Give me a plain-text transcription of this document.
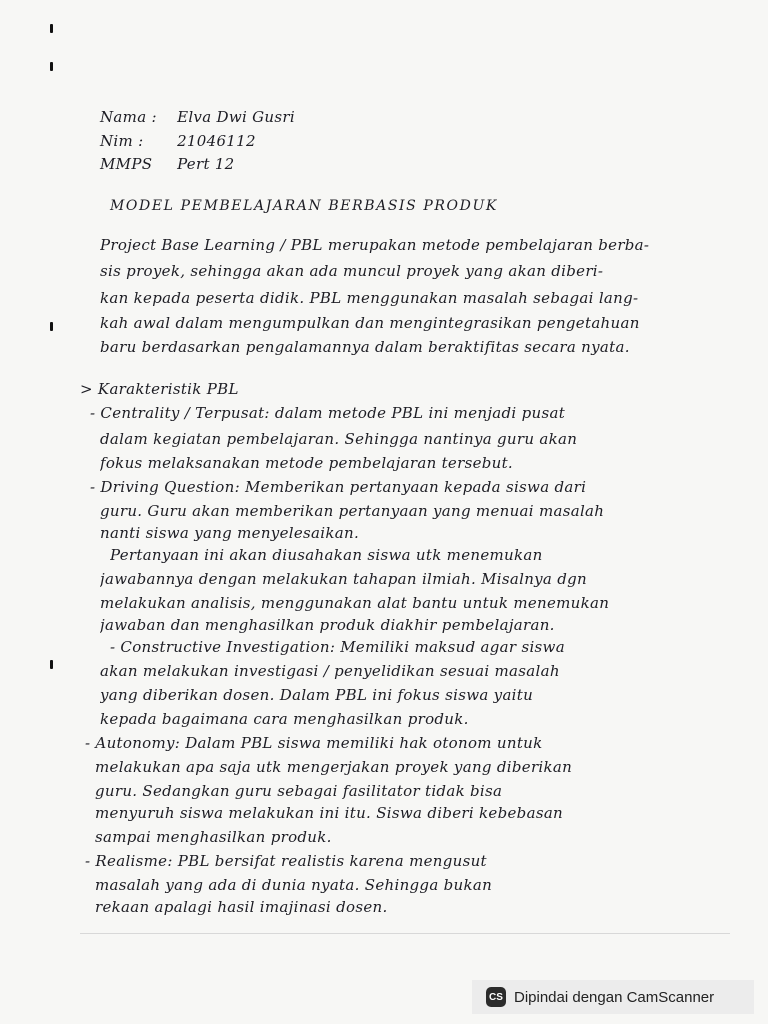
Nama : Elva Dwi Gusri
Nim : 21046112
MMPS Pert 12
MODEL PEMBELAJARAN BERBASIS PRODUK
Project Base Learning / PBL merupakan metode pembelajaran berba-
sis proyek, sehingga akan ada muncul proyek yang akan diberi-
kan kepada peserta didik. PBL menggunakan masalah sebagai lang-
kah awal dalam mengumpulkan dan mengintegrasikan pengetahuan
baru berdasarkan pengalamannya dalam beraktifitas secara nyata.
> Karakteristik PBL
- Centrality / Terpusat: dalam metode PBL ini menjadi pusat
dalam kegiatan pembelajaran. Sehingga nantinya guru akan
fokus melaksanakan metode pembelajaran tersebut.
- Driving Question: Memberikan pertanyaan kepada siswa dari
guru. Guru akan memberikan pertanyaan yang menuai masalah
nanti siswa yang menyelesaikan.
Pertanyaan ini akan diusahakan siswa utk menemukan
jawabannya dengan melakukan tahapan ilmiah. Misalnya dgn
melakukan analisis, menggunakan alat bantu untuk menemukan
jawaban dan menghasilkan produk diakhir pembelajaran.
- Constructive Investigation: Memiliki maksud agar siswa
akan melakukan investigasi / penyelidikan sesuai masalah
yang diberikan dosen. Dalam PBL ini fokus siswa yaitu
kepada bagaimana cara menghasilkan produk.
- Autonomy: Dalam PBL siswa memiliki hak otonom untuk
melakukan apa saja utk mengerjakan proyek yang diberikan
guru. Sedangkan guru sebagai fasilitator tidak bisa
menyuruh siswa melakukan ini itu. Siswa diberi kebebasan
sampai menghasilkan produk.
- Realisme: PBL bersifat realistis karena mengusut
masalah yang ada di dunia nyata. Sehingga bukan
rekaan apalagi hasil imajinasi dosen.
CS Dipindai dengan CamScanner
